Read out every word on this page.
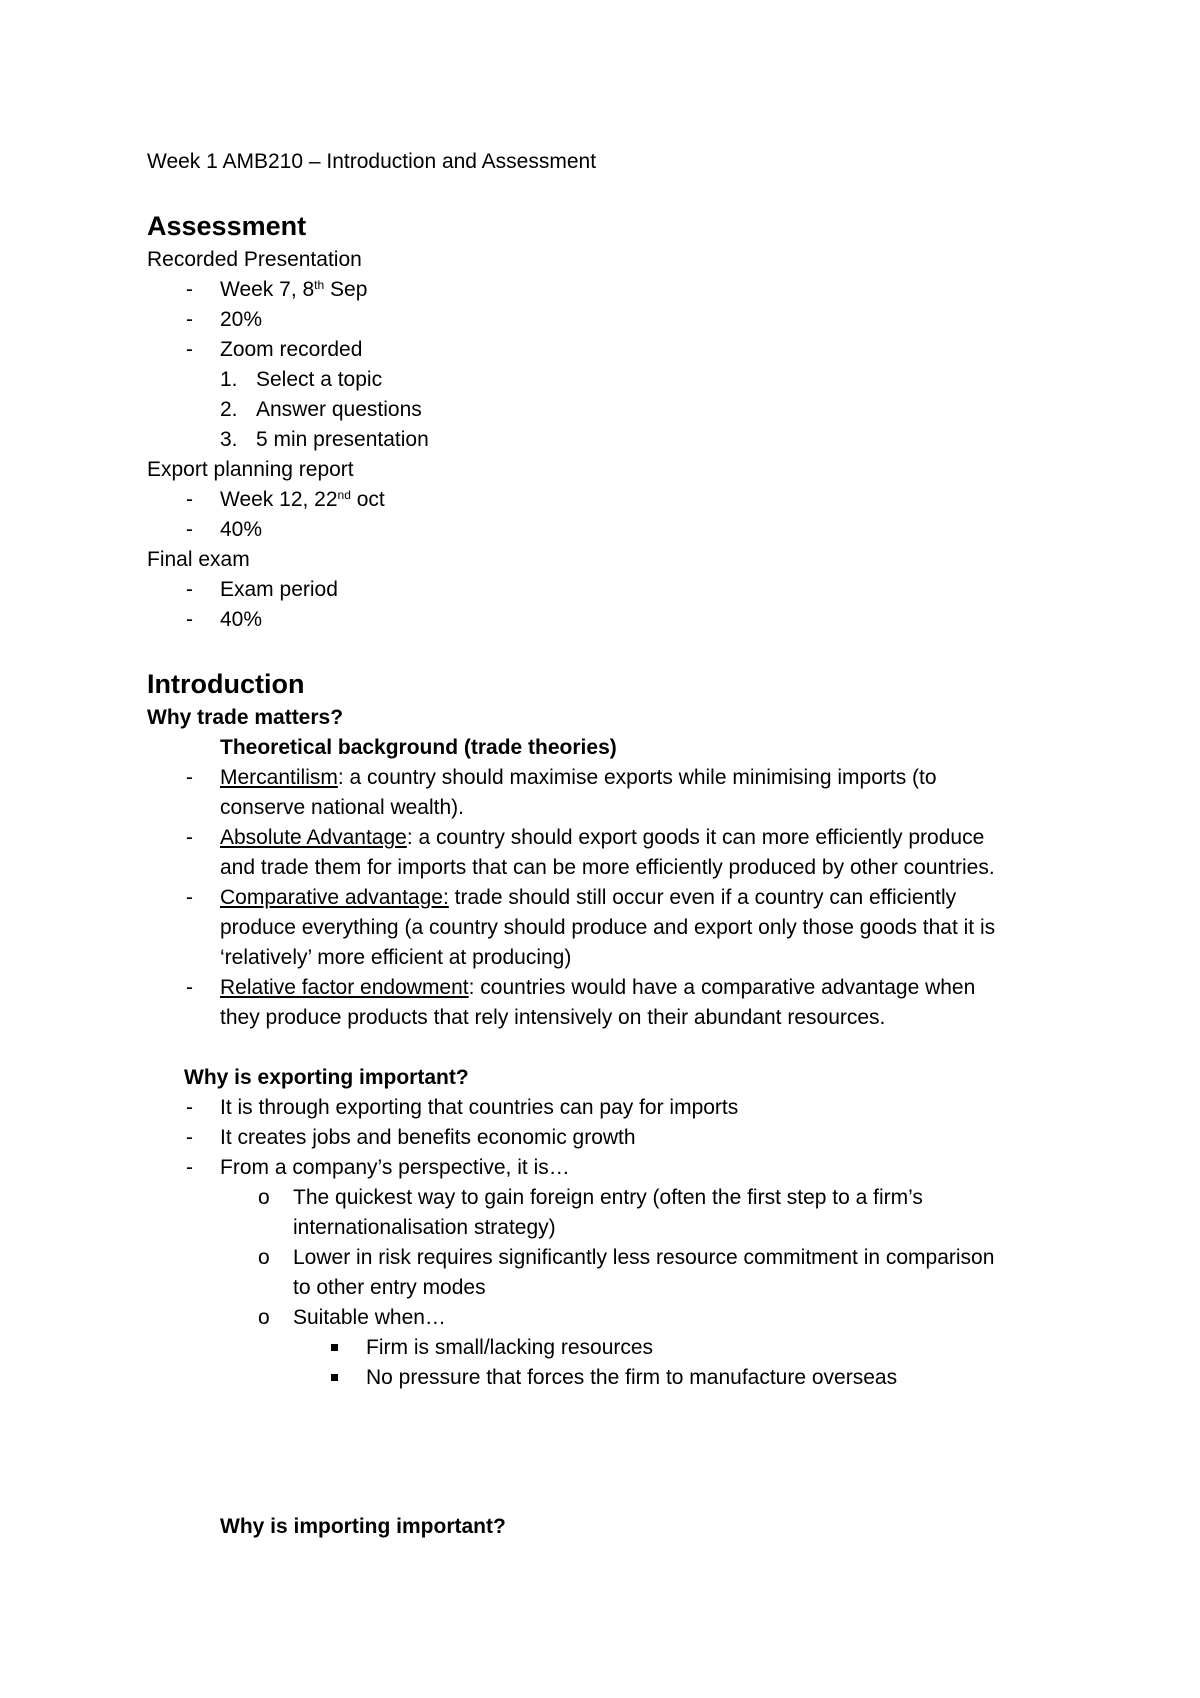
Week 1 AMB210 – Introduction and Assessment
Assessment
Recorded Presentation
- Week 7, 8th Sep
- 20%
- Zoom recorded
1. Select a topic
2. Answer questions
3. 5 min presentation
Export planning report
- Week 12, 22nd oct
- 40%
Final exam
- Exam period
- 40%
Introduction
Why trade matters?
Theoretical background (trade theories)
- Mercantilism: a country should maximise exports while minimising imports (to
conserve national wealth).
- Absolute Advantage: a country should export goods it can more efficiently produce
and trade them for imports that can be more efficiently produced by other countries.
- Comparative advantage: trade should still occur even if a country can efficiently
produce everything (a country should produce and export only those goods that it is
‘relatively’ more efficient at producing)
- Relative factor endowment: countries would have a comparative advantage when
they produce products that rely intensively on their abundant resources.
Why is exporting important?
- It is through exporting that countries can pay for imports
- It creates jobs and benefits economic growth
- From a company’s perspective, it is…
o The quickest way to gain foreign entry (often the first step to a firm’s
internationalisation strategy)
o Lower in risk requires significantly less resource commitment in comparison
to other entry modes
o Suitable when…
Firm is small/lacking resources
No pressure that forces the firm to manufacture overseas
Why is importing important?
